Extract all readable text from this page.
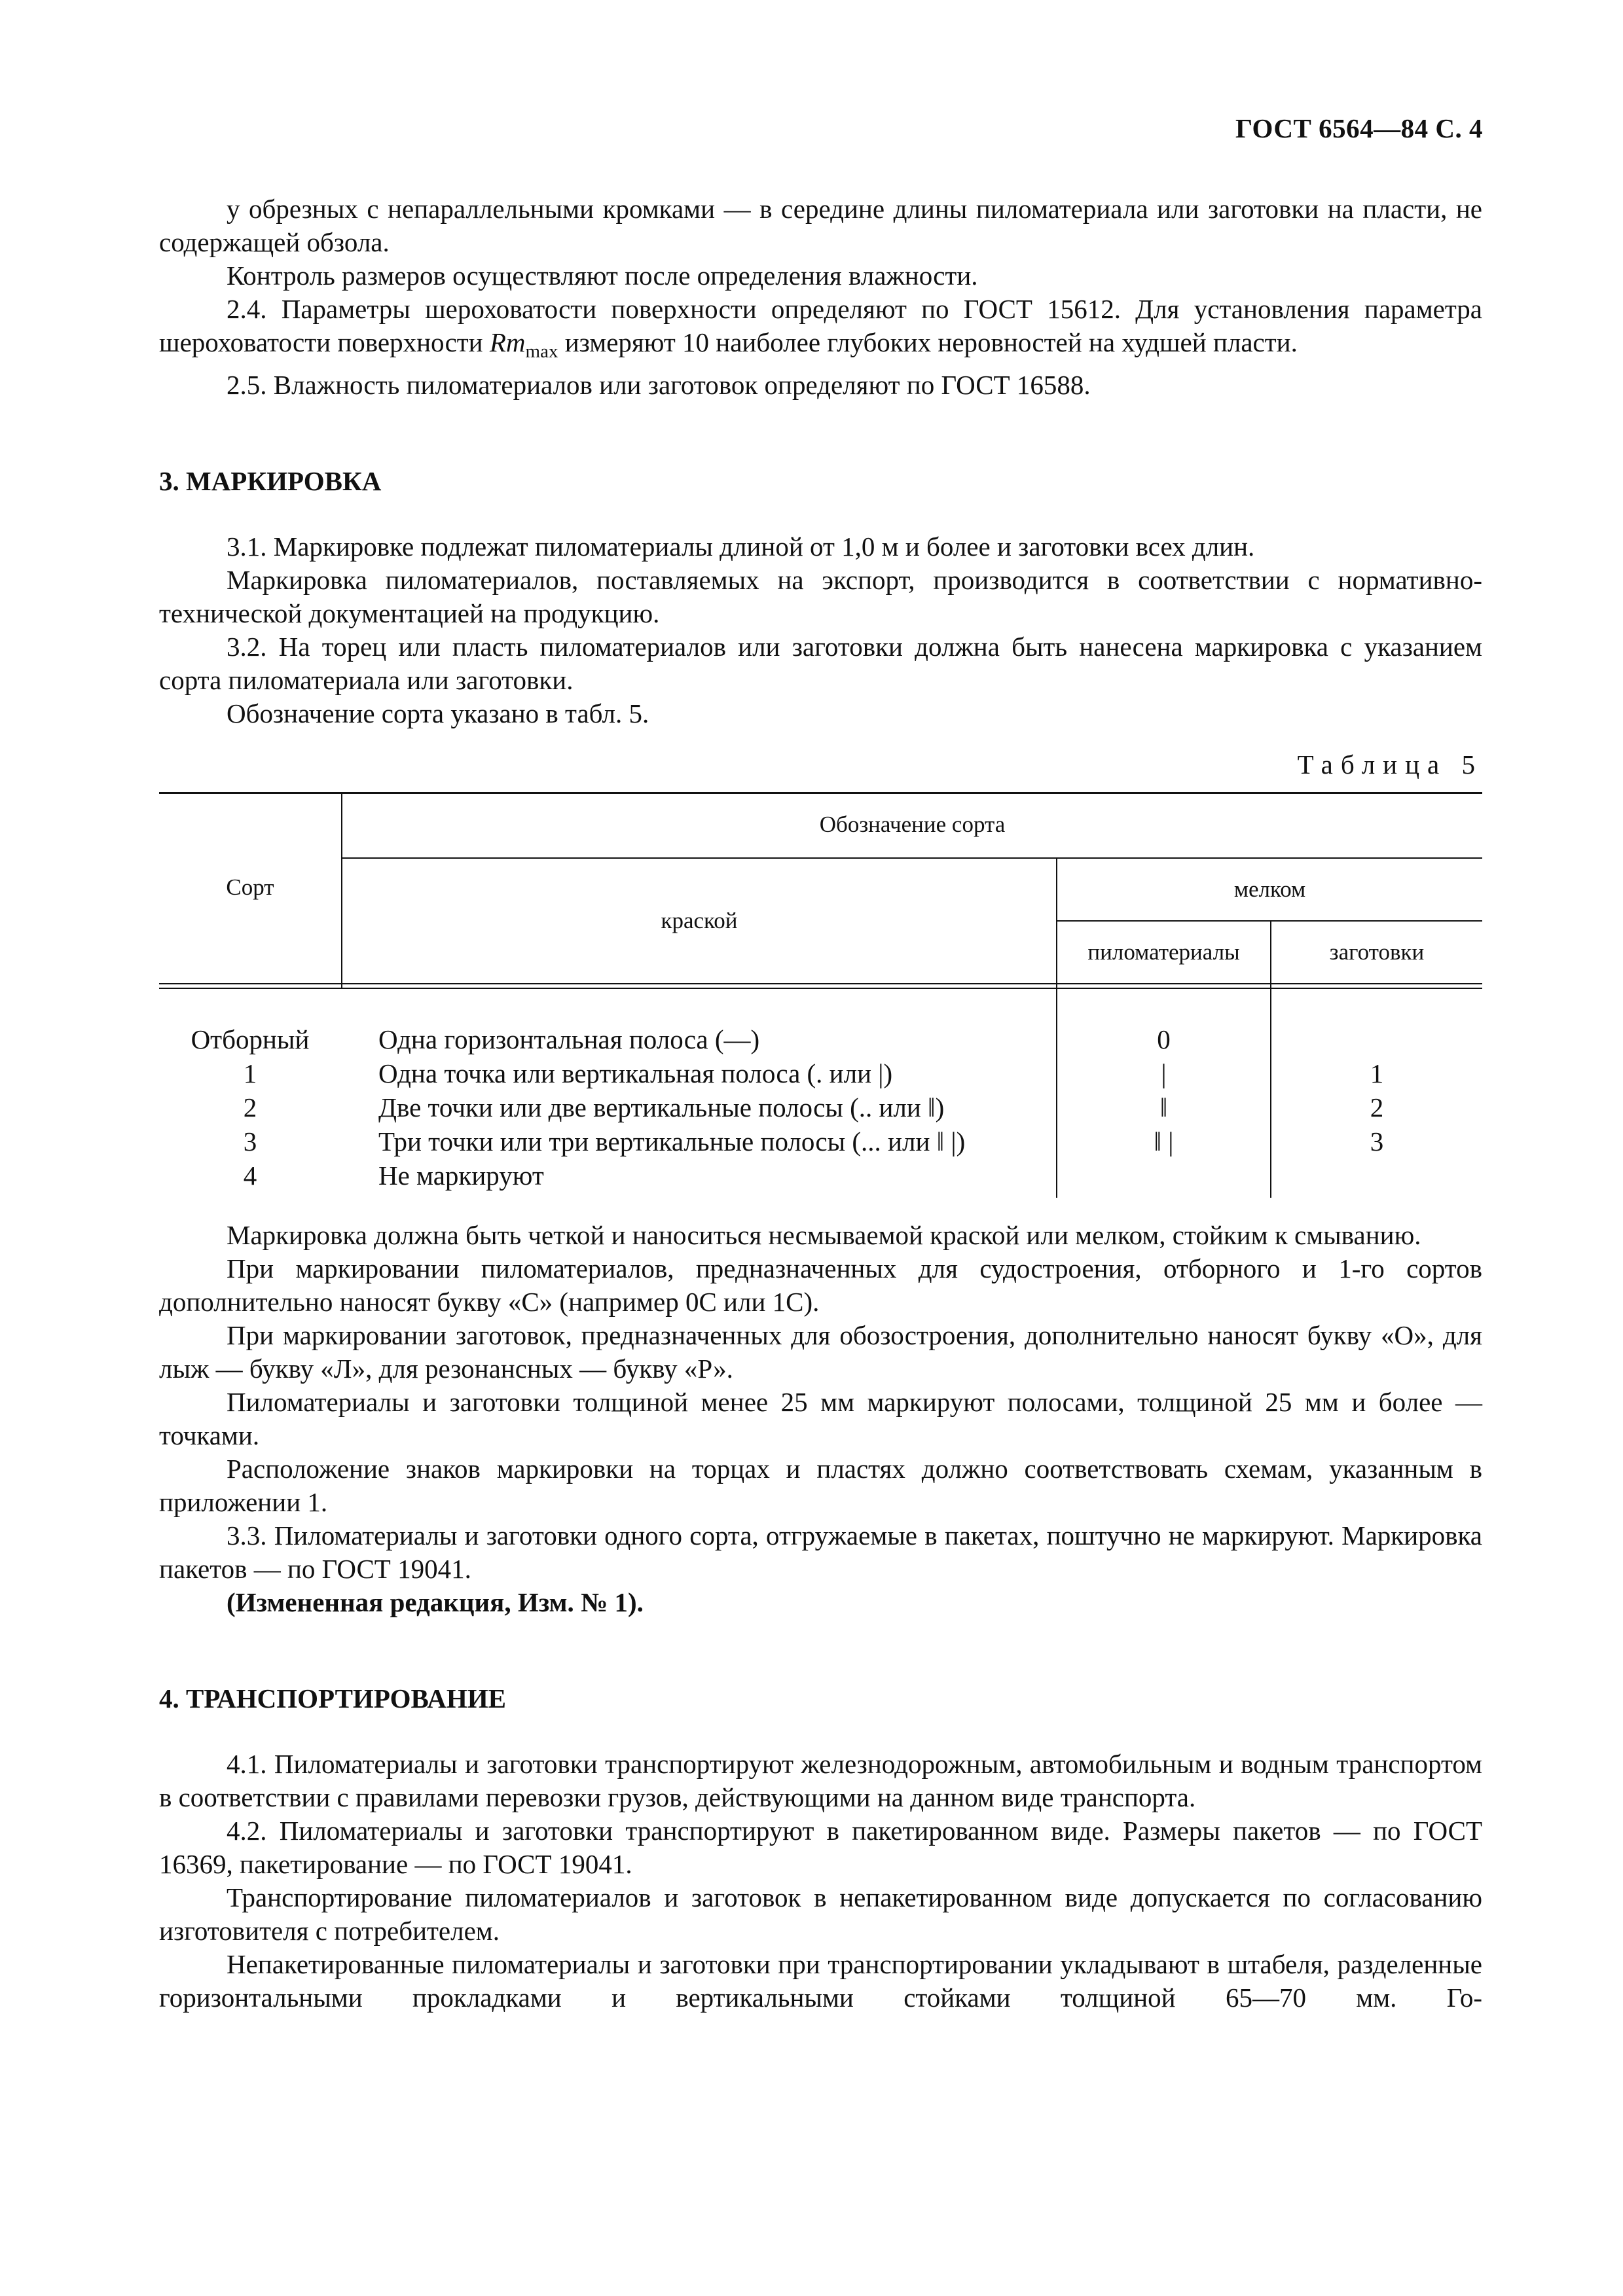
ГОСТ 6564—84 С. 4

у обрезных с непараллельными кромками — в середине длины пиломатериала или заготовки на пласти, не содержащей обзола.

Контроль размеров осуществляют после определения влажности.

2.4. Параметры шероховатости поверхности определяют по ГОСТ 15612. Для установления параметра шероховатости поверхности $Rm_{max}$ измеряют 10 наиболее глубоких неровностей на худшей пласти.

2.5. Влажность пиломатериалов или заготовок определяют по ГОСТ 16588.

3. МАРКИРОВКА

3.1. Маркировке подлежат пиломатериалы длиной от 1,0 м и более и заготовки всех длин.

Маркировка пиломатериалов, поставляемых на экспорт, производится в соответствии с нормативно-технической документацией на продукцию.

3.2. На торец или пласть пиломатериалов или заготовки должна быть нанесена маркировка с указанием сорта пиломатериала или заготовки.

Обозначение сорта указано в табл. 5.

Таблица 5
Сорт
Обозначение сорта
краской
мелком
пиломатериалы	заготовки
Отборный
1
2
3
4
Одна горизонтальная полоса (—)
Одна точка или вертикальная полоса (. или |)
Две точки или две вертикальные полосы (.. или ‖)
Три точки или три вертикальные полосы (... или ‖ |)
Не маркируют
0
|
‖
‖ |

1
2
3

Маркировка должна быть четкой и наноситься несмываемой краской или мелком, стойким к смыванию.

При маркировании пиломатериалов, предназначенных для судостроения, отборного и 1-го сортов дополнительно наносят букву «С» (например 0С или 1С).

При маркировании заготовок, предназначенных для обозостроения, дополнительно наносят букву «О», для лыж — букву «Л», для резонансных — букву «Р».

Пиломатериалы и заготовки толщиной менее 25 мм маркируют полосами, толщиной 25 мм и более — точками.

Расположение знаков маркировки на торцах и пластях должно соответствовать схемам, указанным в приложении 1.

3.3. Пиломатериалы и заготовки одного сорта, отгружаемые в пакетах, поштучно не маркируют. Маркировка пакетов — по ГОСТ 19041.

(Измененная редакция, Изм. № 1).

4. ТРАНСПОРТИРОВАНИЕ

4.1. Пиломатериалы и заготовки транспортируют железнодорожным, автомобильным и водным транспортом в соответствии с правилами перевозки грузов, действующими на данном виде транспорта.

4.2. Пиломатериалы и заготовки транспортируют в пакетированном виде. Размеры пакетов — по ГОСТ 16369, пакетирование — по ГОСТ 19041.

Транспортирование пиломатериалов и заготовок в непакетированном виде допускается по согласованию изготовителя с потребителем.

Непакетированные пиломатериалы и заготовки при транспортировании укладывают в штабеля, разделенные горизонтальными прокладками и вертикальными стойками толщиной 65—70 мм. Го-
